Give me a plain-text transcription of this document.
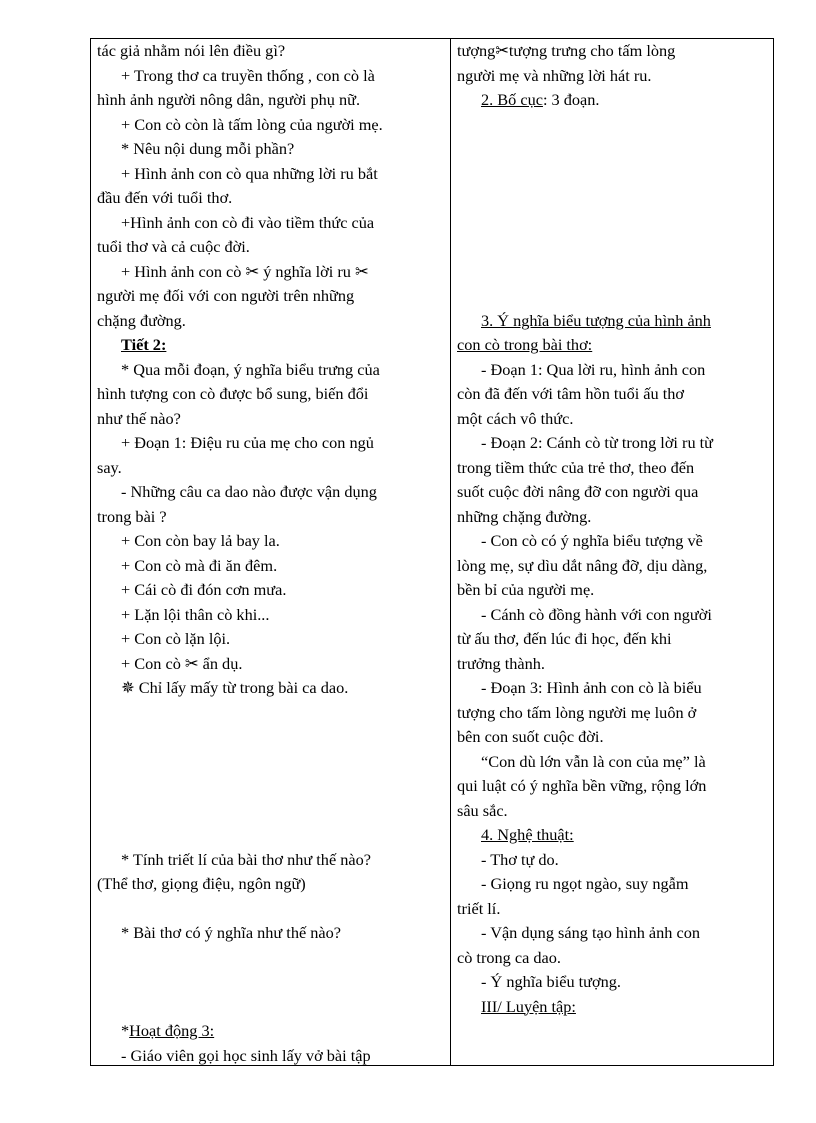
tác giả nhằm nói lên điều gì?
+ Trong thơ ca truyền thống , con cò là
hình ảnh người nông dân, người phụ nữ.
+ Con cò còn là tấm lòng của người mẹ.
* Nêu nội dung mỗi phần?
+ Hình ảnh con cò qua những lời ru bắt
đầu đến với tuổi thơ.
+Hình ảnh con cò đi vào tiềm thức của
tuổi thơ và cả cuộc đời.
+ Hình ảnh con cò ✂ ý nghĩa lời ru ✂
người mẹ đối với con người trên những
chặng đường.
Tiết 2:
* Qua mỗi đoạn, ý nghĩa biểu trưng của
hình tượng con cò được bổ sung, biến đổi
như thế nào?
+ Đoạn 1: Điệu ru của mẹ cho con ngủ
say.
- Những câu ca dao nào được vận dụng
trong bài ?
+ Con còn bay lả bay la.
+ Con cò mà đi ăn đêm.
+ Cái cò đi đón cơn mưa.
+ Lặn lội thân cò khi...
+ Con cò lặn lội.
+ Con cò ✂ ẩn dụ.
✵ Chỉ lấy mấy từ trong bài ca dao.
* Tính triết lí của bài thơ như thế nào?
(Thể thơ, giọng điệu, ngôn ngữ)
* Bài thơ có ý nghĩa như thế nào?
*Hoạt động 3:
- Giáo viên gọi học sinh lấy vở bài tập
tượng✂tượng trưng cho tấm lòng
người mẹ và những lời hát ru.
2. Bố cục: 3 đoạn.
3. Ý nghĩa biểu tượng của hình ảnh
con cò trong bài thơ:
- Đoạn 1: Qua lời ru, hình ảnh con
còn đã đến với tâm hồn tuổi ấu thơ
một cách vô thức.
- Đoạn 2: Cánh cò từ trong lời ru từ
trong tiềm thức của trẻ thơ, theo đến
suốt cuộc đời nâng đỡ con người qua
những chặng đường.
- Con cò có ý nghĩa biểu tượng về
lòng mẹ, sự dìu dắt nâng đỡ, dịu dàng,
bền bỉ của người mẹ.
- Cánh cò đồng hành với con người
từ ấu thơ, đến lúc đi học, đến khi
trưởng thành.
- Đoạn 3: Hình ảnh con cò là biểu
tượng cho tấm lòng người mẹ luôn ở
bên con suốt cuộc đời.
“Con dù lớn vẫn là con của mẹ” là
qui luật có ý nghĩa bền vững, rộng lớn
sâu sắc.
4. Nghệ thuật:
- Thơ tự do.
- Giọng ru ngọt ngào, suy ngẫm
triết lí.
- Vận dụng sáng tạo hình ảnh con
cò trong ca dao.
- Ý nghĩa biểu tượng.
III/ Luyện tập:
